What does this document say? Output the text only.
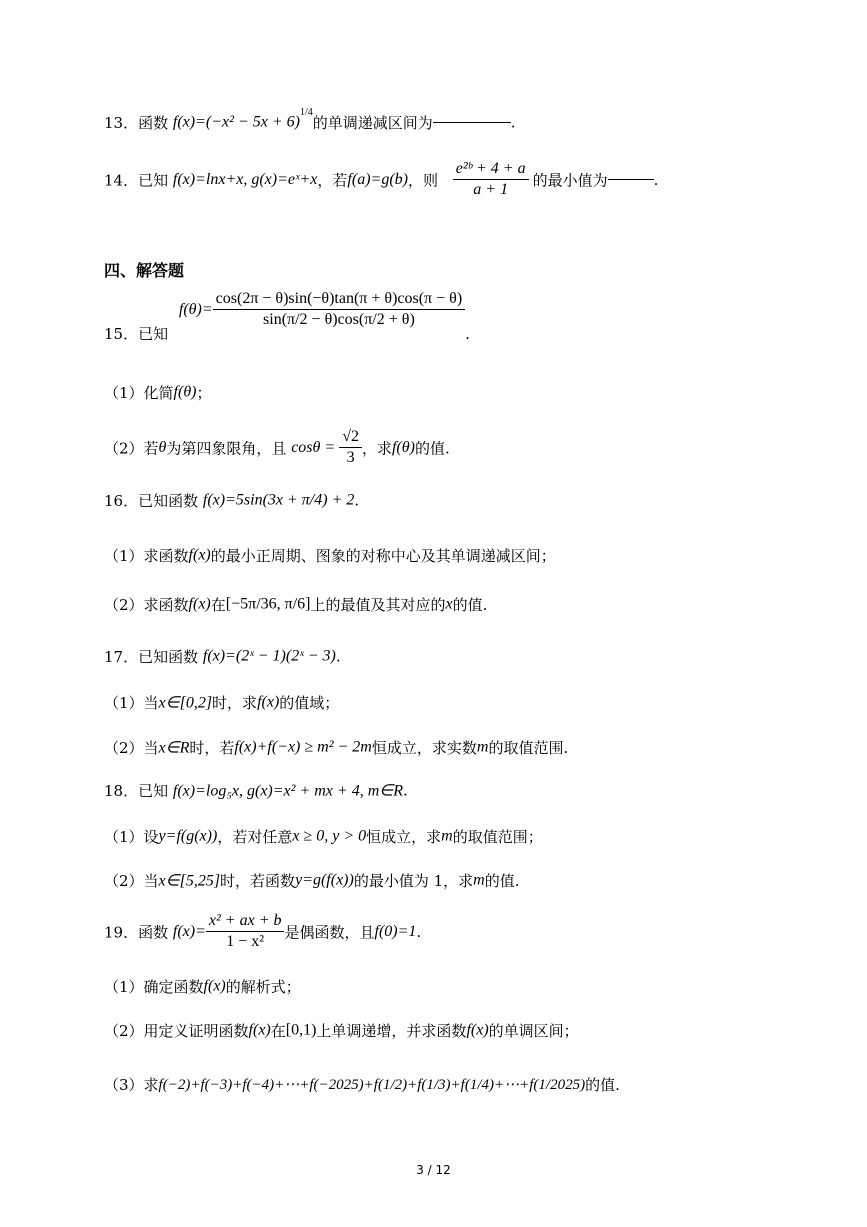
13．函数 $f(x)=(-x^2 - 5x + 6)^{1/4}$的单调递减区间为	.
14．已知 f(x)=lnx+x, g(x)=eˣ+x，若f(a)=g(b)，则 $\frac{\text{e²ᵇ + 4 + a}}{a + 1}$ 的最小值为	.
四、解答题
15．已知 $f(\theta)= \frac{\cos(2\pi - \theta)\sin(-\theta)\tan(\pi + \theta)\cos(\pi - \theta)}{\sin(\pi/2 - \theta)\cos(\pi/2 + \theta)}$
.
（1）化简f(θ)；
（2）若θ为第四象限角，且 $\cos\theta = \frac{√2}{3}$ ，求f(θ)的值.
16．已知函数 f(x)=5sin(3x + π/4) + 2.
（1）求函数f(x)的最小正周期、图象的对称中心及其单调递减区间；
（2）求函数f(x)在[−5π/36, π/6]上的最值及其对应的x的值.
17．已知函数 f(x)=(2ˣ − 1)(2ˣ − 3).
（1）当x∈[0,2]时，求f(x)的值域；
（2）当x∈R时，若f(x)+f(−x) ≥ m² − 2m恒成立，求实数m的取值范围.
18．已知 f(x)=log₅x, g(x)=x² + mx + 4, m∈R.
（1）设y=f(g(x))，若对任意x ≥ 0, y > 0恒成立，求m的取值范围；
（2）当x∈[5,25]时，若函数y=g(f(x))的最小值为 1，求m的值.
19．函数 $f(x)= \frac{\text{x² + ax + b}}{\text{1 − x²}}$ 是偶函数，且f(0)=1.
（1）确定函数f(x)的解析式；
（2）用定义证明函数f(x)在[0,1)上单调递增，并求函数f(x)的单调区间；
（3）求f(−2)+f(−3)+f(−4)+⋯+f(−2025)+f(1/2)+f(1/3)+f(1/4)+⋯+f(1/2025)的值.
3 / 12
